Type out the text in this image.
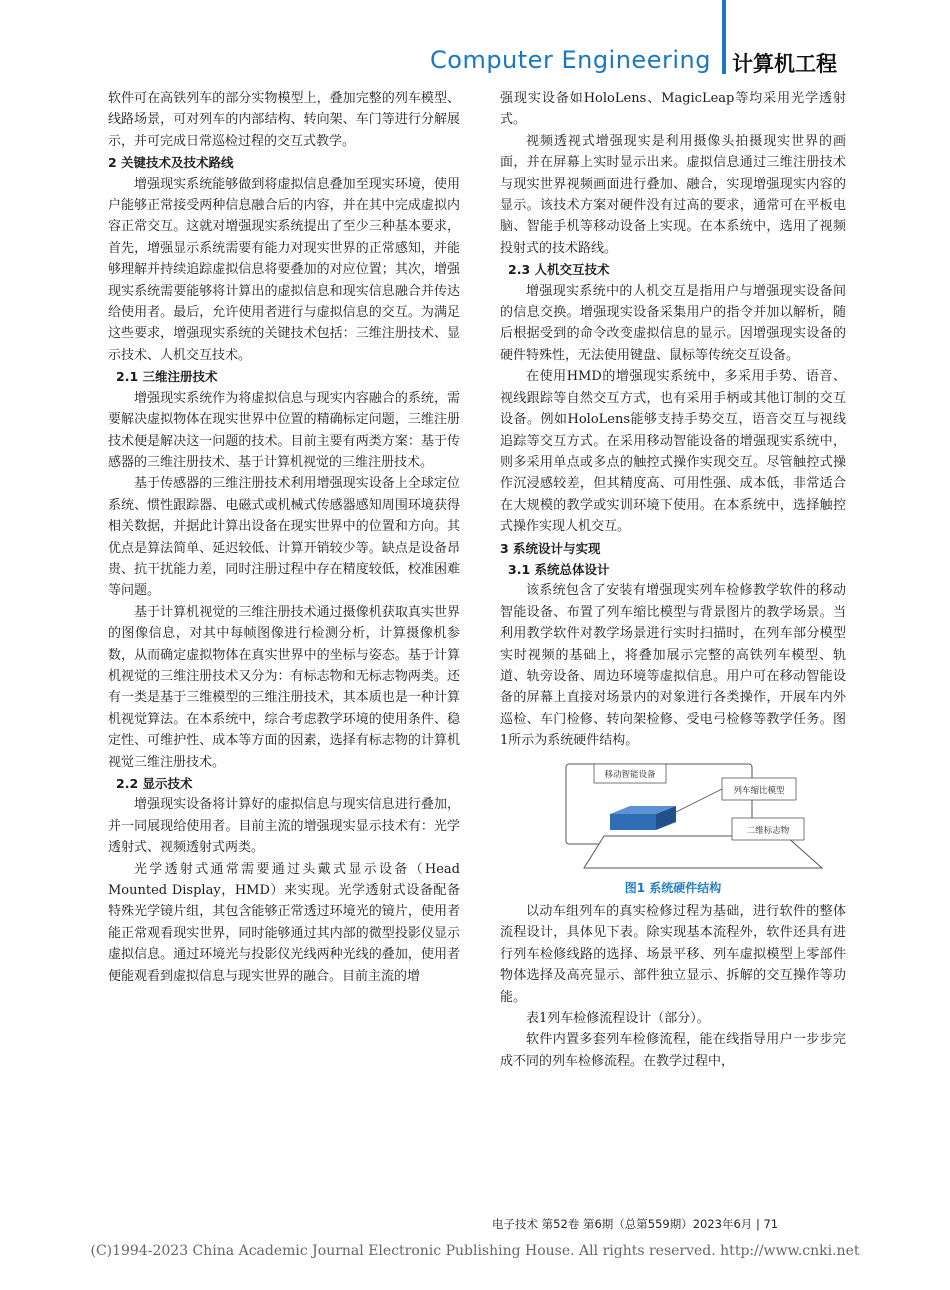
Computer Engineering 计算机工程

软件可在高铁列车的部分实物模型上，叠加完整的列车模型、线路场景，可对列车的内部结构、转向架、车门等进行分解展示，并可完成日常巡检过程的交互式教学。

2 关键技术及技术路线

增强现实系统能够做到将虚拟信息叠加至现实环境，使用户能够正常接受两种信息融合后的内容，并在其中完成虚拟内容正常交互。这就对增强现实系统提出了至少三种基本要求，首先，增强显示系统需要有能力对现实世界的正常感知，并能够理解并持续追踪虚拟信息将要叠加的对应位置；其次，增强现实系统需要能够将计算出的虚拟信息和现实信息融合并传达给使用者。最后，允许使用者进行与虚拟信息的交互。为满足这些要求，增强现实系统的关键技术包括：三维注册技术、显示技术、人机交互技术。

2.1 三维注册技术

增强现实系统作为将虚拟信息与现实内容融合的系统，需要解决虚拟物体在现实世界中位置的精确标定问题，三维注册技术便是解决这一问题的技术。目前主要有两类方案：基于传感器的三维注册技术、基于计算机视觉的三维注册技术。

基于传感器的三维注册技术利用增强现实设备上全球定位系统、惯性跟踪器、电磁式或机械式传感器感知周围环境获得相关数据，并据此计算出设备在现实世界中的位置和方向。其优点是算法简单、延迟较低、计算开销较少等。缺点是设备昂贵、抗干扰能力差，同时注册过程中存在精度较低，校准困难等问题。

基于计算机视觉的三维注册技术通过摄像机获取真实世界的图像信息，对其中每帧图像进行检测分析，计算摄像机参数，从而确定虚拟物体在真实世界中的坐标与姿态。基于计算机视觉的三维注册技术又分为：有标志物和无标志物两类。还有一类是基于三维模型的三维注册技术，其本质也是一种计算机视觉算法。在本系统中，综合考虑教学环境的使用条件、稳定性、可维护性、成本等方面的因素，选择有标志物的计算机视觉三维注册技术。

2.2 显示技术

增强现实设备将计算好的虚拟信息与现实信息进行叠加，并一同展现给使用者。目前主流的增强现实显示技术有：光学透射式、视频透射式两类。

光学透射式通常需要通过头戴式显示设备（Head Mounted Display，HMD）来实现。光学透射式设备配备特殊光学镜片组，其包含能够正常透过环境光的镜片，使用者能正常观看现实世界，同时能够通过其内部的微型投影仪显示虚拟信息。通过环境光与投影仪光线两种光线的叠加，使用者便能观看到虚拟信息与现实世界的融合。目前主流的增

强现实设备如HoloLens、MagicLeap等均采用光学透射式。

视频透视式增强现实是利用摄像头拍摄现实世界的画面，并在屏幕上实时显示出来。虚拟信息通过三维注册技术与现实世界视频画面进行叠加、融合，实现增强现实内容的显示。该技术方案对硬件没有过高的要求，通常可在平板电脑、智能手机等移动设备上实现。在本系统中，选用了视频投射式的技术路线。

2.3 人机交互技术

增强现实系统中的人机交互是指用户与增强现实设备间的信息交换。增强现实设备采集用户的指令并加以解析，随后根据受到的命令改变虚拟信息的显示。因增强现实设备的硬件特殊性，无法使用键盘、鼠标等传统交互设备。

在使用HMD的增强现实系统中，多采用手势、语音、视线跟踪等自然交互方式，也有采用手柄或其他订制的交互设备。例如HoloLens能够支持手势交互，语音交互与视线追踪等交互方式。在采用移动智能设备的增强现实系统中，则多采用单点或多点的触控式操作实现交互。尽管触控式操作沉浸感较差，但其精度高、可用性强、成本低，非常适合在大规模的教学或实训环境下使用。在本系统中，选择触控式操作实现人机交互。

3 系统设计与实现

3.1 系统总体设计

该系统包含了安装有增强现实列车检修教学软件的移动智能设备、布置了列车缩比模型与背景图片的教学场景。当利用教学软件对教学场景进行实时扫描时，在列车部分模型实时视频的基础上，将叠加展示完整的高铁列车模型、轨道、轨旁设备、周边环境等虚拟信息。用户可在移动智能设备的屏幕上直接对场景内的对象进行各类操作，开展车内外巡检、车门检修、转向架检修、受电弓检修等教学任务。图1所示为系统硬件结构。

移动智能设备
列车缩比模型
二维标志物
图1 系统硬件结构

以动车组列车的真实检修过程为基础，进行软件的整体流程设计，具体见下表。除实现基本流程外，软件还具有进行列车检修线路的选择、场景平移、列车虚拟模型上零部件物体选择及高亮显示、部件独立显示、拆解的交互操作等功能。

表1列车检修流程设计（部分）。

软件内置多套列车检修流程，能在线指导用户一步步完成不同的列车检修流程。在教学过程中，

电子技术 第52卷 第6期（总第559期）2023年6月 | 71
(C)1994-2023 China Academic Journal Electronic Publishing House. All rights reserved. http://www.cnki.net
